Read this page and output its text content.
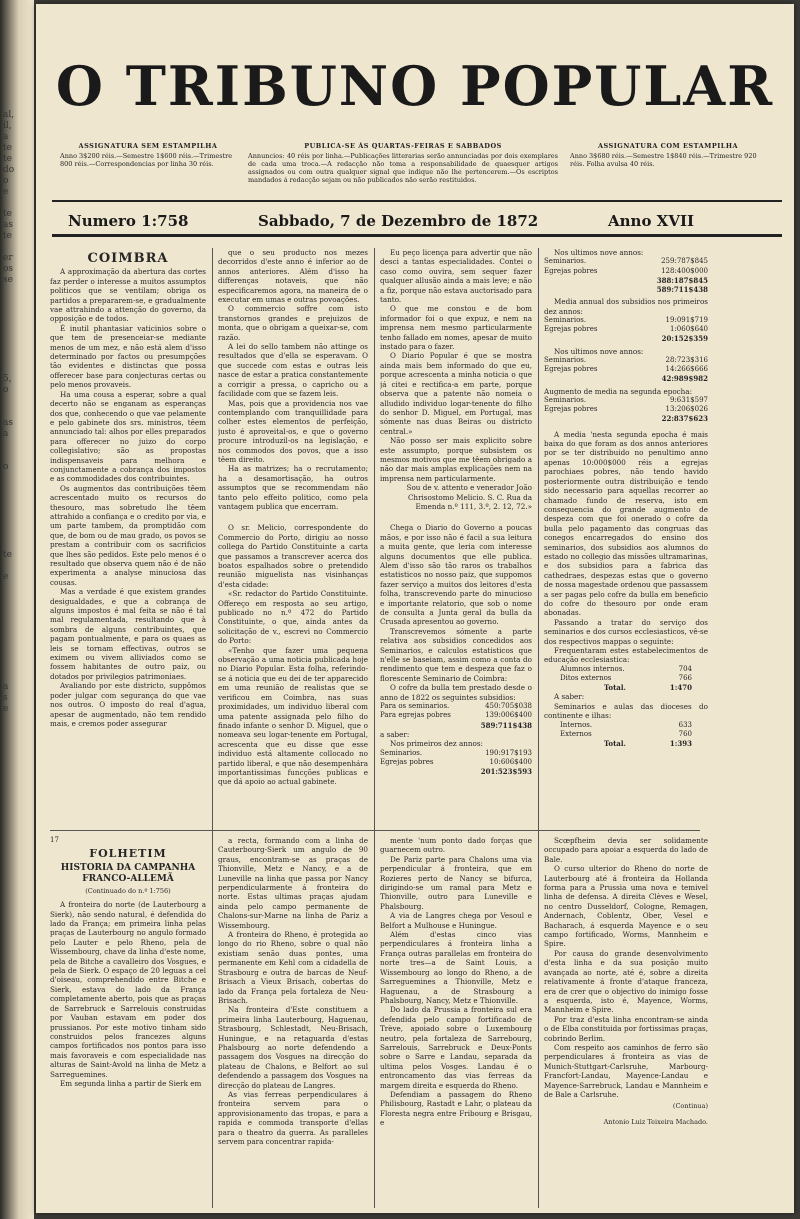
al,
il,
a
te
te
do
o
e
te
as
te
er
os
se
5,
o
as
a
o
te
e
a
s
e
O TRIBUNO POPULAR
ASSIGNATURA SEM ESTAMPILHA
Anno 3$200 réis.—Semestre 1$600 réis.—Trimestre 800 réis.—Correspondencias por linha 30 réis.
PUBLICA-SE ÁS QUARTAS-FEIRAS E SABBADOS
Annuncios: 40 réis por linha.—Publicações litterarias serão annunciadas por dois exemplares de cada uma troca.—A redacção não toma a responsabilidade de quaesquer artigos assignados ou com outra qualquer signal que indique não lhe pertencerem.—Os escriptos mandados á redacção sejam ou não publicados não serão restituidos.
ASSIGNATURA COM ESTAMPILHA
Anno 3$680 réis.—Semestre 1$840 réis.—Trimestre 920 réis. Folha avulsa 40 réis.
Numero 1:758	Sabbado, 7 de Dezembro de 1872	Anno XVII
COIMBRA

A approximação da abertura das cortes faz perder o interesse a muitos assumptos politicos que se ventilam; obriga os partidos a prepararem-se, e gradualmente vae attrahindo a attenção do governo, da opposição e de todos.

É inutil phantasiar vaticinios sobre o que tem de presenceiar-se mediante menos de um mez, e não está alem d'isso determinado por factos ou presumpções tão evidentes e distinctas que possa offerecer base para conjecturas certas ou pelo menos provaveis.

Ha uma cousa a esperar, sobre a qual decerto não se enganam as esperanças dos que, conhecendo o que vae pelamente e pelo gabinete dos srs. ministros, têem annunciado tal: alhos por elles preparados para offerecer no juizo do corpo collegislativo; são as propostas indispensaveis para melhora e conjunctamente a cobrança dos impostos e as commodidades dos contribuintes.

Os augmentos das contribuições têem acrescentado muito os recursos do thesouro, mas sobretudo lhe têem attrahido a confiança e o credito por via, e um parte tambem, da promptidão com que, de bom ou de mau grado, os povos se prestam a contribuir com os sacrificios que lhes são pedidos. Este pelo menos é o resultado que observa quem não é de não experimenta a analyse minuciosa das cousas.

Mas a verdade é que existem grandes desigualdades, e que a cobrança de alguns impostos é mal feita se não é tal mal regulamentada, resultando que à sombra de alguns contribuintes, que pagam pontualmente, e para os quaes as leis se tornam effectivas, outros se eximem ou vivem alliviados como se fossem habitantes de outro paiz, ou dotados por privilegios patrimoniaes.

Avaliando por este districto, suppômos poder julgar com segurança do que vae nos outros. O imposto do real d'agua, apesar de augmentado, não tem rendido mais, e cremos poder assegurar

que o seu producto nos mezes decorridos d'este anno é inferior ao de annos anteriores. Além d'isso ha differenças notaveis, que não especificaremos agora, na maneira de o executar em umas e outras povoações.

O commercio soffre com isto transtornos grandes e prejuizos de monta, que o obrigam a queixar-se, com razão.

A lei do sello tambem não attinge os resultados que d'ella se esperavam. O que succede com estas e outras leis nasce de estar a pratica constantemente a corrigir a pressa, o capricho ou a facilidade com que se fazem leis.

Mas, pois que a providencia nos vae contemplando com tranquillidade para colher estes elementos de perfeição, justo é aproveital-os, e que o governo procure introduzil-os na legislação, e nos commodos dos povos, que a isso têem direito.

Ha as matrizes; ha o recrutamento; ha a desamortisação, ha outros assumptos que se recommendam não tanto pelo effeito politico, como pela vantagem publica que encerram.

O sr. Melicio, correspondente do Commercio do Porto, dirigiu ao nosso collega do Partido Constituinte a carta que passamos a transcrever acerca dos boatos espalhados sobre o pretendido reunião miguelista nas visinhanças d'esta cidade:

«Sr. redactor do Partido Constituinte. Offereço em resposta ao seu artigo, publicado no n.º 472 do Partido Constituinte, o que, ainda antes da solicitação de v., escrevi no Commercio do Porto:

«Tenho que fazer uma pequena observação a uma noticia publicada hoje no Diario Popular. Esta folha, referindo-se á noticia que eu dei de ter apparecido em uma reunião de realistas que se verificou em Coimbra, nas suas proximidades, um individuo liberal com uma patente assignada pelo filho do finado infante o senhor D. Miguel, que o nomeava seu logar-tenente em Portugal, acrescenta que eu disse que esse individuo está altamente collocado no partido liberal, e que não desempenhára importantissimas funcções publicas e que dá apoio ao actual gabinete.

Eu peço licença para advertir que não desci a tantas especialidades. Contei o caso como ouvira, sem sequer fazer qualquer allusão ainda a mais leve; e não a fiz, porque não estava auctorisado para tanto.

O que me constou e de bom informador foi o que expuz, e nem na imprensa nem mesmo particularmente tenho fallado em nomes, apesar de muito instado para o fazer.

O Diario Popular é que se mostra ainda mais bem informado do que eu, porque acrescenta a minha noticia o que já citei e rectifica-a em parte, porque observa que a patente não nomeia o alludido individuo logar-tenente do filho do senhor D. Miguel, em Portugal, mas sómente nas duas Beiras ou districto central.»

Não posso ser mais explicito sobre este assumpto, porque subsistem os mesmos motivos que me têem obrigado a não dar mais amplas explicações nem na imprensa nem particularmente.

Sou de v. attento e venerador João Chrisostomo Melicio. S. C. Rua da Emenda n.º 111, 3.º, 2. 12, 72.»

Chega o Diario do Governo a poucas mãos, e por isso não é facil a sua leitura a muita gente, que leria com interesse alguns documentos que elle publica. Alem d'isso são tão raros os trabalhos estatisticos no nosso paiz, que suppomos fazer serviço a muitos dos leitores d'esta folha, transcrevendo parte do minucioso e importante relatorio, que sob o nome de consulta a Junta geral da bulla da Crusada apresentou ao governo.

Transcrevemos sómente a parte relativa aos subsidios concedidos aos Seminarios, e calculos estatisticos que n'elle se baseiam, assim como a conta do rendimento que tem e despeza que faz o florescente Seminario de Coimbra:

O cofre da bulla tem prestado desde o anno de 1822 os seguintes subsidios:

Para os seminarios.	450:705$038
Para egrejas pobres	139:006$400
589:711$438
a saber:
Nos primeiros dez annos:
Seminarios.	190:917$193
Egrejas pobres	10:606$400
201:523$593
Nos ultimos nove annos:
Seminarios.	259:787$845
Egrejas pobres	128:400$000
388:187$845
589:711$438
Media annual dos subsidios nos primeiros dez annos:
Seminarios.	19:091$719
Egrejas pobres	1:060$640
20:152$359
Nos ultimos nove annos:
Seminarios.	28:723$316
Egrejas pobres	14:266$666
42:989$982
Augmento de media na segunda epocha:
Seminarios.	9:631$597
Egrejas pobres	13:206$026
22:837$623

A media 'nesta segunda epocha é mais baixa do que foram as dos annos anteriores por se ter distribuido no penultimo anno apenas 10:000$000 réis a egrejas parochiaes pobres, não tendo havido posteriormente outra distribuição e tendo sido necessario para aquellas recorrer ao chamado fundo de reserva, isto em consequencia do grande augmento de despeza com que foi onerado o cofre da bulla pelo pagamento das congruas das conegos encarregados do ensino dos seminarios, dos subsidios aos alumnos do estado no collegio das missões ultramarinas, e dos subsidios para a fabrica das cathedraes, despezas estas que o governo de nossa magestade ordenou que passassem a ser pagas pelo cofre da bulla em beneficio do cofre do thesouro por onde eram abonadas.

Passando a tratar do serviço dos seminarios e dos cursos ecclesiasticos, vê-se dos respectivos mappas o seguinte:

Frequentaram estes estabelecimentos de educação ecclesiastica:

Alumnos internos.	704
Ditos externos	766
Total.	1:470
A saber:

Seminarios e aulas das dioceses do continente e ilhas:

Internos.	633
Externos	760
Total.	1:393
17
FOLHETIM
HISTORIA DA CAMPANHA FRANCO-ALLEMÃ
(Continuado do n.º 1:756)

A fronteira do norte (de Lauterbourg a Sierk), não sendo natural, é defendida do lado da França; em primeira linha pelas praças de Lauterbourg no angulo formado pelo Lauter e pelo Rheno, pela de Wissembourg, chave da linha d'este nome, pela de Bitche a cavalleiro dos Vosgues, e pela de Sierk. O espaço de 20 leguas a cel d'oiseau, comprehendido entre Bitche e Sierk, estava do lado da França completamente aberto, pois que as praças de Sarrebruck e Sarrelouis construidas por Vauban estavam em poder dos prussianos. Por este motivo tinham sido construidos pelos francezes alguns campos fortificados nos pontos para isso mais favoraveis e com especialidade nas alturas de Saint-Avold na linha de Metz a Sarreguemines.

Em segunda linha a partir de Sierk em

a recta, formando com a linha de Cauterbourg-Sierk um angulo de 90 graus, encontram-se as praças de Thionville, Metz e Nancy, e a de Luneville na linha que passa por Nancy perpendicularmente á fronteira do norte. Estas ultimas praças ajudam ainda pelo campo permanente de Chalons-sur-Marne na linha de Pariz a Wissembourg.

A fronteira do Rheno, é protegida ao longo do rio Rheno, sobre o qual não existiam senão duas pontes, uma permanente em Kehl com a cidadella de Strasbourg e outra de barcas de Neuf-Brisach a Vieux Brisach, cobertas do lado da França pela fortaleza de Neu-Brisach.

Na fronteira d'Este constituem a primeira linha Lauterbourg, Haguenau, Strasbourg, Schlestadt, Neu-Brisach, Huningue, e na retaguarda d'estas Phalsbourg ao norte defendendo a passagem dos Vosgues na direcção do plateau de Chalons, e Belfort ao sul defendendo a passagem dos Vosgues na direcção do plateau de Langres.

As vias ferreas perpendiculares á fronteira servem para o approvisionamento das tropas, e para a rapida e commoda transporte d'ellas para o theatro da guerra. As paralleles servem para concentrar rapida-

mente 'num ponto dado forças que guarnecem outro.

De Pariz parte para Chalons uma via perpendicular á fronteira, que em Rozieres perto de Nancy se bifurca, dirigindo-se um ramal para Metz e Thionville, outro para Luneville e Phalsbourg.

A via de Langres chega por Vesoul e Belfort a Mulhouse e Huningue.

Além d'estas cinco vias perpendiculares á fronteira linha a França outras parallelas em fronteira do norte tres—a de Saint Louis, a Wissembourg ao longo do Rheno, a de Sarreguemines a Thionville, Metz e Haguenau, a de Strasbourg a Phalsbourg, Nancy, Metz e Thionville.

Do lado da Prussia a fronteira sul era defendida pelo campo fortificado de Trève, apoiado sobre o Luxembourg neutro, pela fortaleza de Sarrebourg, Sarrelouis, Sarrebruck e Deux-Ponts sobre o Sarre e Landau, separada da ultima pelos Vosges. Landau é o entroncamento das vias ferreas da margem direita e esquerda do Rheno.

Defendiam a passagem do Rheno Philisbourg, Rastadt e Lahr, o plateau da Floresta negra entre Fribourg e Brisgau, e

Scœpfheim devia ser solidamente occupado para apoiar a esquerda do lado de Bale.

O curso ulterior do Rheno do norte de Lauterbourg até á fronteira da Hollanda forma para a Prussia uma nova e temivel linha de defensa. A direita Clèves e Wesel, no centro Dusseldorf, Cologne, Remagen, Andernach, Coblentz, Ober, Vesel e Bacharach, á esquerda Mayence e o seu campo fortificado, Worms, Mannheim e Spire.

Por causa do grande desenvolvimento d'esta linha e da sua posição muito avançada ao norte, até é, sobre a direita relativamente á fronte d'ataque franceza, era de crer que o objectivo do inimigo fosse a esquerda, isto é, Mayence, Worms, Mannheim e Spire.

Por traz d'esta linha encontram-se ainda o de Elba constituida por fortissimas praças, cobrindo Berlim.

Com respeito aos caminhos de ferro são perpendiculares á fronteira as vias de Munich-Stuttgart-Carlsruhe, Marbourg-Francfort-Landau, Mayence-Landau e Mayence-Sarrebruck, Landau e Mannheim e de Bale a Carlsruhe.

(Continua)
Antonio Luiz Teixeira Machado.
